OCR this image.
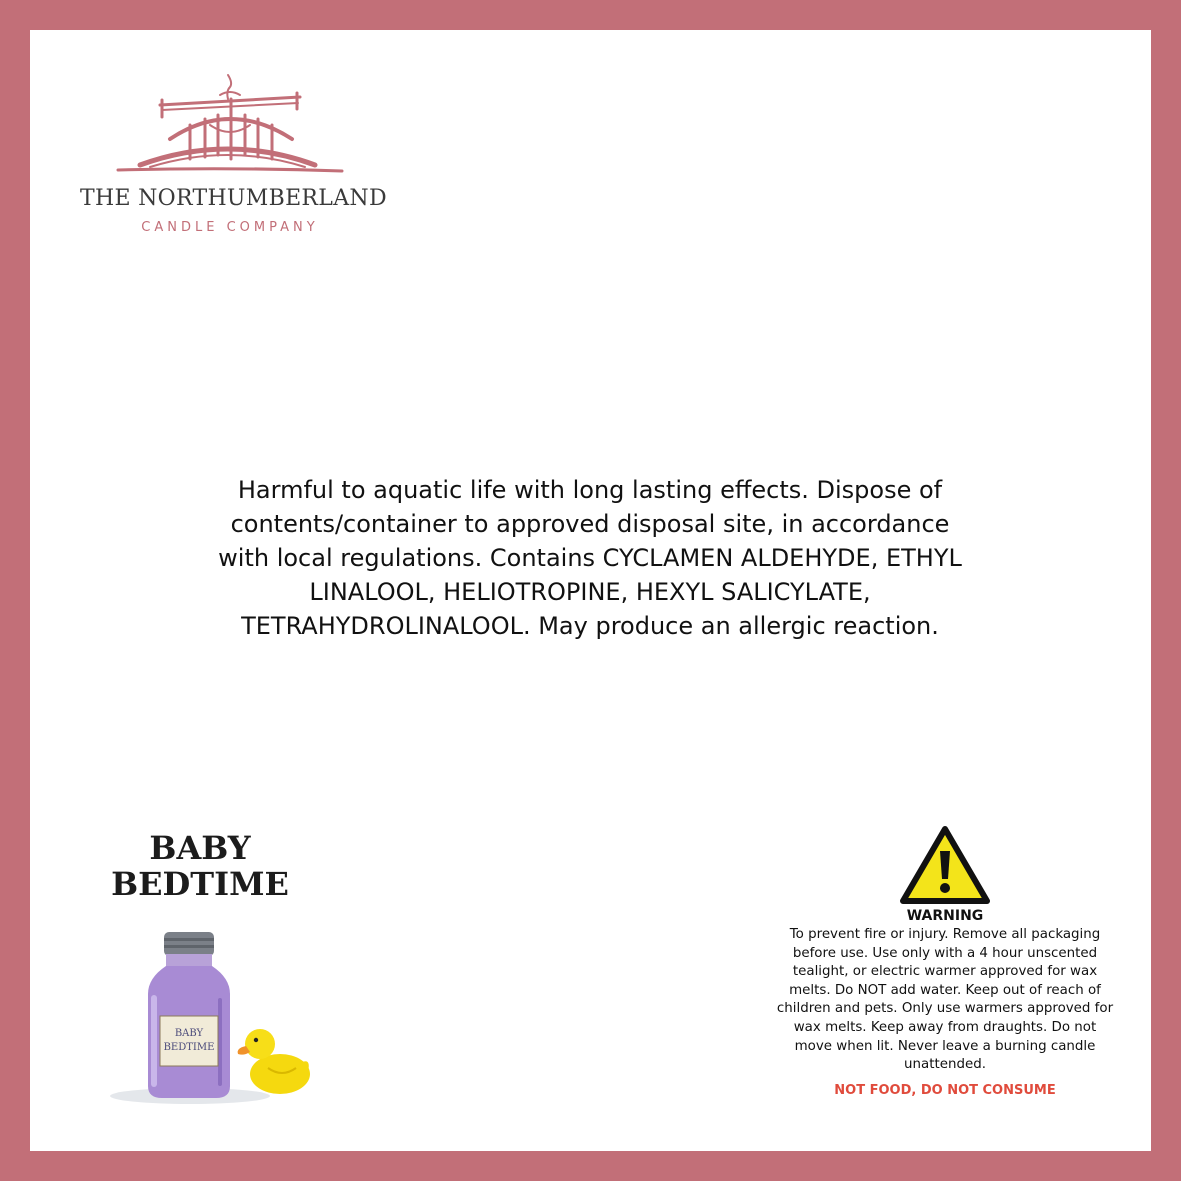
THE NORTHUMBERLAND
CANDLE COMPANY
Harmful to aquatic life with long lasting effects. Dispose of contents/container to approved disposal site, in accordance with local regulations. Contains CYCLAMEN ALDEHYDE, ETHYL LINALOOL, HELIOTROPINE, HEXYL SALICYLATE, TETRAHYDROLINALOOL. May produce an allergic reaction.
BABY
BEDTIME
BABY
BEDTIME
WARNING
To prevent fire or injury. Remove all packaging before use. Use only with a 4 hour unscented tealight, or electric warmer approved for wax melts. Do NOT add water. Keep out of reach of children and pets. Only use warmers approved for wax melts. Keep away from draughts. Do not move when lit. Never leave a burning candle unattended.
NOT FOOD, DO NOT CONSUME
